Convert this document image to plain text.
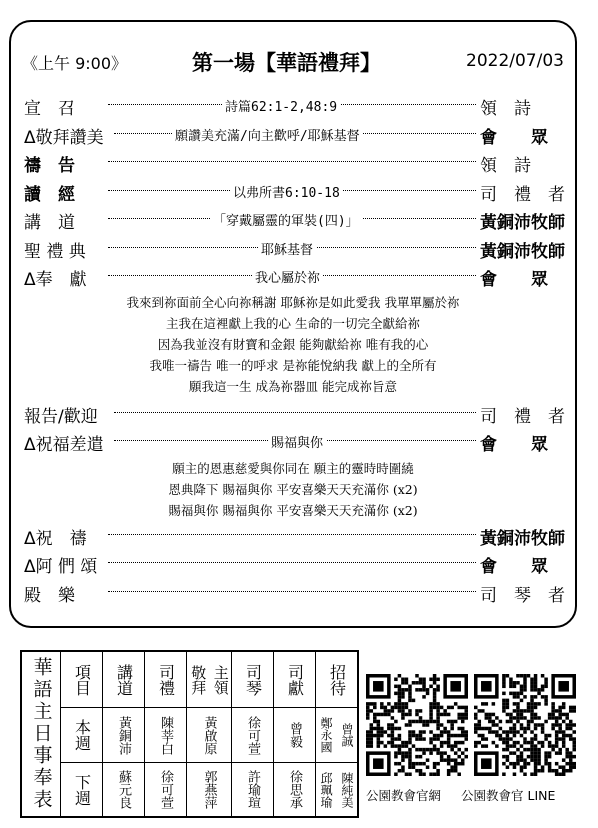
《上午 9:00》	第一場【華語禮拜】	2022/07/03
宣　召	詩篇62:1-2,48:9	領　詩
Δ敬拜讚美	願讚美充滿/向主歡呼/耶穌基督	會　　眾
禱　告	領　詩
讀　經	以弗所書6:10-18	司　禮　者
講　道	「穿戴屬靈的軍裝(四)」	黃銅沛牧師
聖 禮 典	耶穌基督	黃銅沛牧師
Δ奉　獻	我心屬於祢	會　　眾
我來到祢面前全心向祢稱謝 耶穌祢是如此愛我 我單單屬於祢
主我在這裡獻上我的心 生命的一切完全獻給祢
因為我並沒有財寶和金銀 能夠獻給祢 唯有我的心
我唯一禱告 唯一的呼求 是祢能悅納我 獻上的全所有
願我這一生 成為祢器皿 能完成祢旨意
報告/歡迎	司　禮　者
Δ祝福差遣	賜福與你	會　　眾
願主的恩惠慈愛與你同在 願主的靈時時圍繞
恩典降下 賜福與你 平安喜樂天天充滿你 (x2)
賜福與你 賜福與你 平安喜樂天天充滿你 (x2)
Δ祝　禱	黃銅沛牧師
Δ阿 們 頌	會　　眾
殿　樂	司　琴　者
華語主日事奉表	項目	講道	司禮	敬拜 主領	司琴	司獻	招待

	本週	黃銅沛	陳莘白	黃啟原	徐可萱	曾毅	鄭永國 曾誠

	下週	蘇元良	徐可萱	郭燕萍	許瑜瑄	徐思承	邱珮瑜 陳純美 公園教會官網 公園教會官 LINE
